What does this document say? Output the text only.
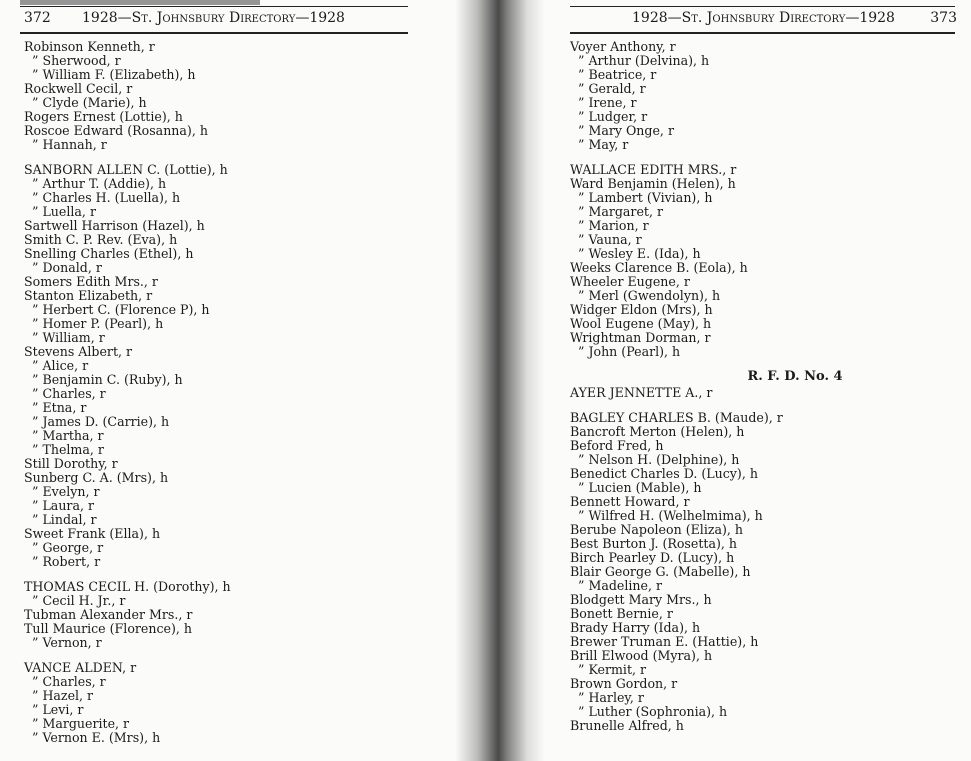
372 1928—St. Johnsbury Directory—1928	1928—St. Johnsbury Directory—1928	373
Robinson Kenneth, r
” Sherwood, r
” William F. (Elizabeth), h
Rockwell Cecil, r
” Clyde (Marie), h
Rogers Ernest (Lottie), h
Roscoe Edward (Rosanna), h
” Hannah, r
SANBORN ALLEN C. (Lottie), h
” Arthur T. (Addie), h
” Charles H. (Luella), h
” Luella, r
Sartwell Harrison (Hazel), h
Smith C. P. Rev. (Eva), h
Snelling Charles (Ethel), h
” Donald, r
Somers Edith Mrs., r
Stanton Elizabeth, r
” Herbert C. (Florence P), h
” Homer P. (Pearl), h
” William, r
Stevens Albert, r
” Alice, r
” Benjamin C. (Ruby), h
” Charles, r
” Etna, r
” James D. (Carrie), h
” Martha, r
” Thelma, r
Still Dorothy, r
Sunberg C. A. (Mrs), h
” Evelyn, r
” Laura, r
” Lindal, r
Sweet Frank (Ella), h
” George, r
” Robert, r
THOMAS CECIL H. (Dorothy), h
” Cecil H. Jr., r
Tubman Alexander Mrs., r
Tull Maurice (Florence), h
” Vernon, r
VANCE ALDEN, r
” Charles, r
” Hazel, r
” Levi, r
” Marguerite, r
” Vernon E. (Mrs), h
Voyer Anthony, r
” Arthur (Delvina), h
” Beatrice, r
” Gerald, r
” Irene, r
” Ludger, r
” Mary Onge, r
” May, r
WALLACE EDITH MRS., r
Ward Benjamin (Helen), h
” Lambert (Vivian), h
” Margaret, r
” Marion, r
” Vauna, r
” Wesley E. (Ida), h
Weeks Clarence B. (Eola), h
Wheeler Eugene, r
” Merl (Gwendolyn), h
Widger Eldon (Mrs), h
Wool Eugene (May), h
Wrightman Dorman, r
” John (Pearl), h
R. F. D. No. 4
AYER JENNETTE A., r
BAGLEY CHARLES B. (Maude), r
Bancroft Merton (Helen), h
Beford Fred, h
” Nelson H. (Delphine), h
Benedict Charles D. (Lucy), h
” Lucien (Mable), h
Bennett Howard, r
” Wilfred H. (Welhelmima), h
Berube Napoleon (Eliza), h
Best Burton J. (Rosetta), h
Birch Pearley D. (Lucy), h
Blair George G. (Mabelle), h
” Madeline, r
Blodgett Mary Mrs., h
Bonett Bernie, r
Brady Harry (Ida), h
Brewer Truman E. (Hattie), h
Brill Elwood (Myra), h
” Kermit, r
Brown Gordon, r
” Harley, r
” Luther (Sophronia), h
Brunelle Alfred, h
